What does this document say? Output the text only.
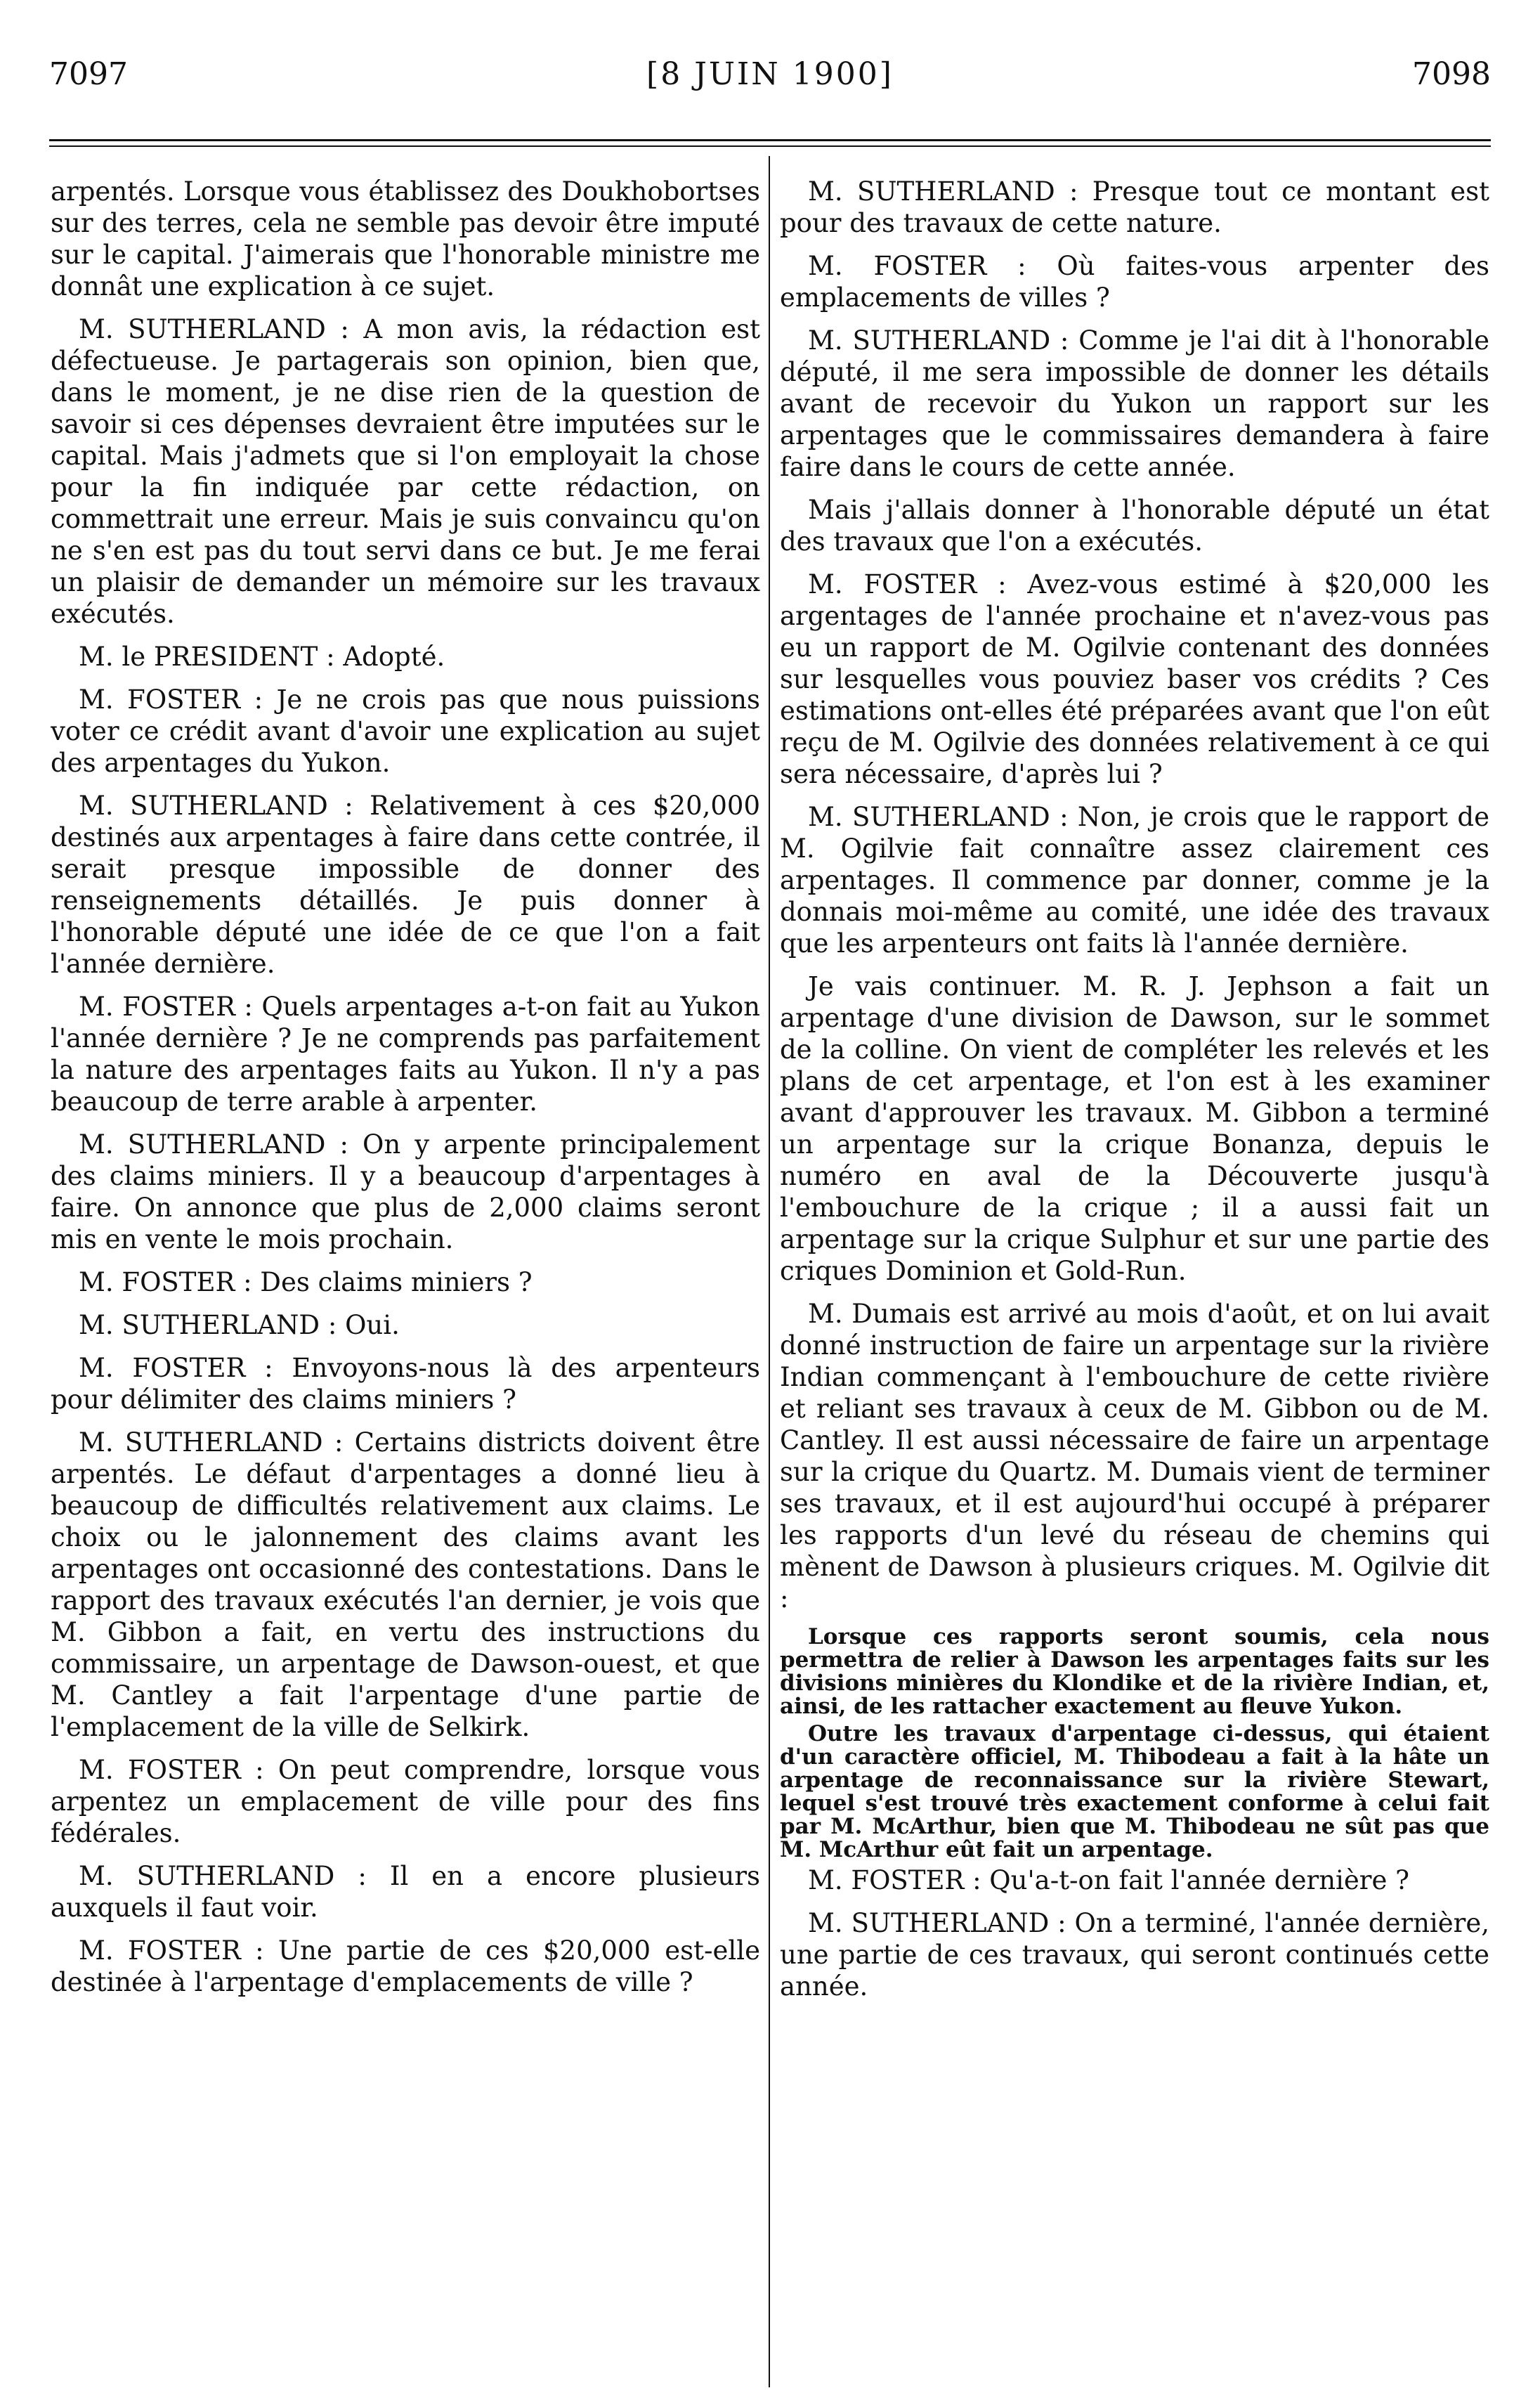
7097	[8 JUIN 1900]	7098

arpentés. Lorsque vous établissez des Doukhobortses sur des terres, cela ne semble pas devoir être imputé sur le capital. J'aimerais que l'honorable ministre me donnât une explication à ce sujet.

M. SUTHERLAND : A mon avis, la rédaction est défectueuse. Je partagerais son opinion, bien que, dans le moment, je ne dise rien de la question de savoir si ces dépenses devraient être imputées sur le capital. Mais j'admets que si l'on employait la chose pour la fin indiquée par cette rédaction, on commettrait une erreur. Mais je suis convaincu qu'on ne s'en est pas du tout servi dans ce but. Je me ferai un plaisir de demander un mémoire sur les travaux exécutés.

M. le PRESIDENT : Adopté.

M. FOSTER : Je ne crois pas que nous puissions voter ce crédit avant d'avoir une explication au sujet des arpentages du Yukon.

M. SUTHERLAND : Relativement à ces $20,000 destinés aux arpentages à faire dans cette contrée, il serait presque impossible de donner des renseignements détaillés. Je puis donner à l'honorable député une idée de ce que l'on a fait l'année dernière.

M. FOSTER : Quels arpentages a-t-on fait au Yukon l'année dernière ? Je ne comprends pas parfaitement la nature des arpentages faits au Yukon. Il n'y a pas beaucoup de terre arable à arpenter.

M. SUTHERLAND : On y arpente principalement des claims miniers. Il y a beaucoup d'arpentages à faire. On annonce que plus de 2,000 claims seront mis en vente le mois prochain.

M. FOSTER : Des claims miniers ?

M. SUTHERLAND : Oui.

M. FOSTER : Envoyons-nous là des arpenteurs pour délimiter des claims miniers ?

M. SUTHERLAND : Certains districts doivent être arpentés. Le défaut d'arpentages a donné lieu à beaucoup de difficultés relativement aux claims. Le choix ou le jalonnement des claims avant les arpentages ont occasionné des contestations. Dans le rapport des travaux exécutés l'an dernier, je vois que M. Gibbon a fait, en vertu des instructions du commissaire, un arpentage de Dawson-ouest, et que M. Cantley a fait l'arpentage d'une partie de l'emplacement de la ville de Selkirk.

M. FOSTER : On peut comprendre, lorsque vous arpentez un emplacement de ville pour des fins fédérales.

M. SUTHERLAND : Il en a encore plusieurs auxquels il faut voir.

M. FOSTER : Une partie de ces $20,000 est-elle destinée à l'arpentage d'emplacements de ville ?

M. SUTHERLAND : Presque tout ce montant est pour des travaux de cette nature.

M. FOSTER : Où faites-vous arpenter des emplacements de villes ?

M. SUTHERLAND : Comme je l'ai dit à l'honorable député, il me sera impossible de donner les détails avant de recevoir du Yukon un rapport sur les arpentages que le commissaires demandera à faire faire dans le cours de cette année.

Mais j'allais donner à l'honorable député un état des travaux que l'on a exécutés.

M. FOSTER : Avez-vous estimé à $20,000 les argentages de l'année prochaine et n'avez-vous pas eu un rapport de M. Ogilvie contenant des données sur lesquelles vous pouviez baser vos crédits ? Ces estimations ont-elles été préparées avant que l'on eût reçu de M. Ogilvie des données relativement à ce qui sera nécessaire, d'après lui ?

M. SUTHERLAND : Non, je crois que le rapport de M. Ogilvie fait connaître assez clairement ces arpentages. Il commence par donner, comme je la donnais moi-même au comité, une idée des travaux que les arpenteurs ont faits là l'année dernière.

Je vais continuer. M. R. J. Jephson a fait un arpentage d'une division de Dawson, sur le sommet de la colline. On vient de compléter les relevés et les plans de cet arpentage, et l'on est à les examiner avant d'approuver les travaux. M. Gibbon a terminé un arpentage sur la crique Bonanza, depuis le numéro en aval de la Découverte jusqu'à l'embouchure de la crique ; il a aussi fait un arpentage sur la crique Sulphur et sur une partie des criques Dominion et Gold-Run.

M. Dumais est arrivé au mois d'août, et on lui avait donné instruction de faire un arpentage sur la rivière Indian commençant à l'embouchure de cette rivière et reliant ses travaux à ceux de M. Gibbon ou de M. Cantley. Il est aussi nécessaire de faire un arpentage sur la crique du Quartz. M. Dumais vient de terminer ses travaux, et il est aujourd'hui occupé à préparer les rapports d'un levé du réseau de chemins qui mènent de Dawson à plusieurs criques. M. Ogilvie dit :

Lorsque ces rapports seront soumis, cela nous permettra de relier à Dawson les arpentages faits sur les divisions minières du Klondike et de la rivière Indian, et, ainsi, de les rattacher exactement au fleuve Yukon.

Outre les travaux d'arpentage ci-dessus, qui étaient d'un caractère officiel, M. Thibodeau a fait à la hâte un arpentage de reconnaissance sur la rivière Stewart, lequel s'est trouvé très exactement conforme à celui fait par M. McArthur, bien que M. Thibodeau ne sût pas que M. McArthur eût fait un arpentage.

M. FOSTER : Qu'a-t-on fait l'année dernière ?

M. SUTHERLAND : On a terminé, l'année dernière, une partie de ces travaux, qui seront continués cette année.
